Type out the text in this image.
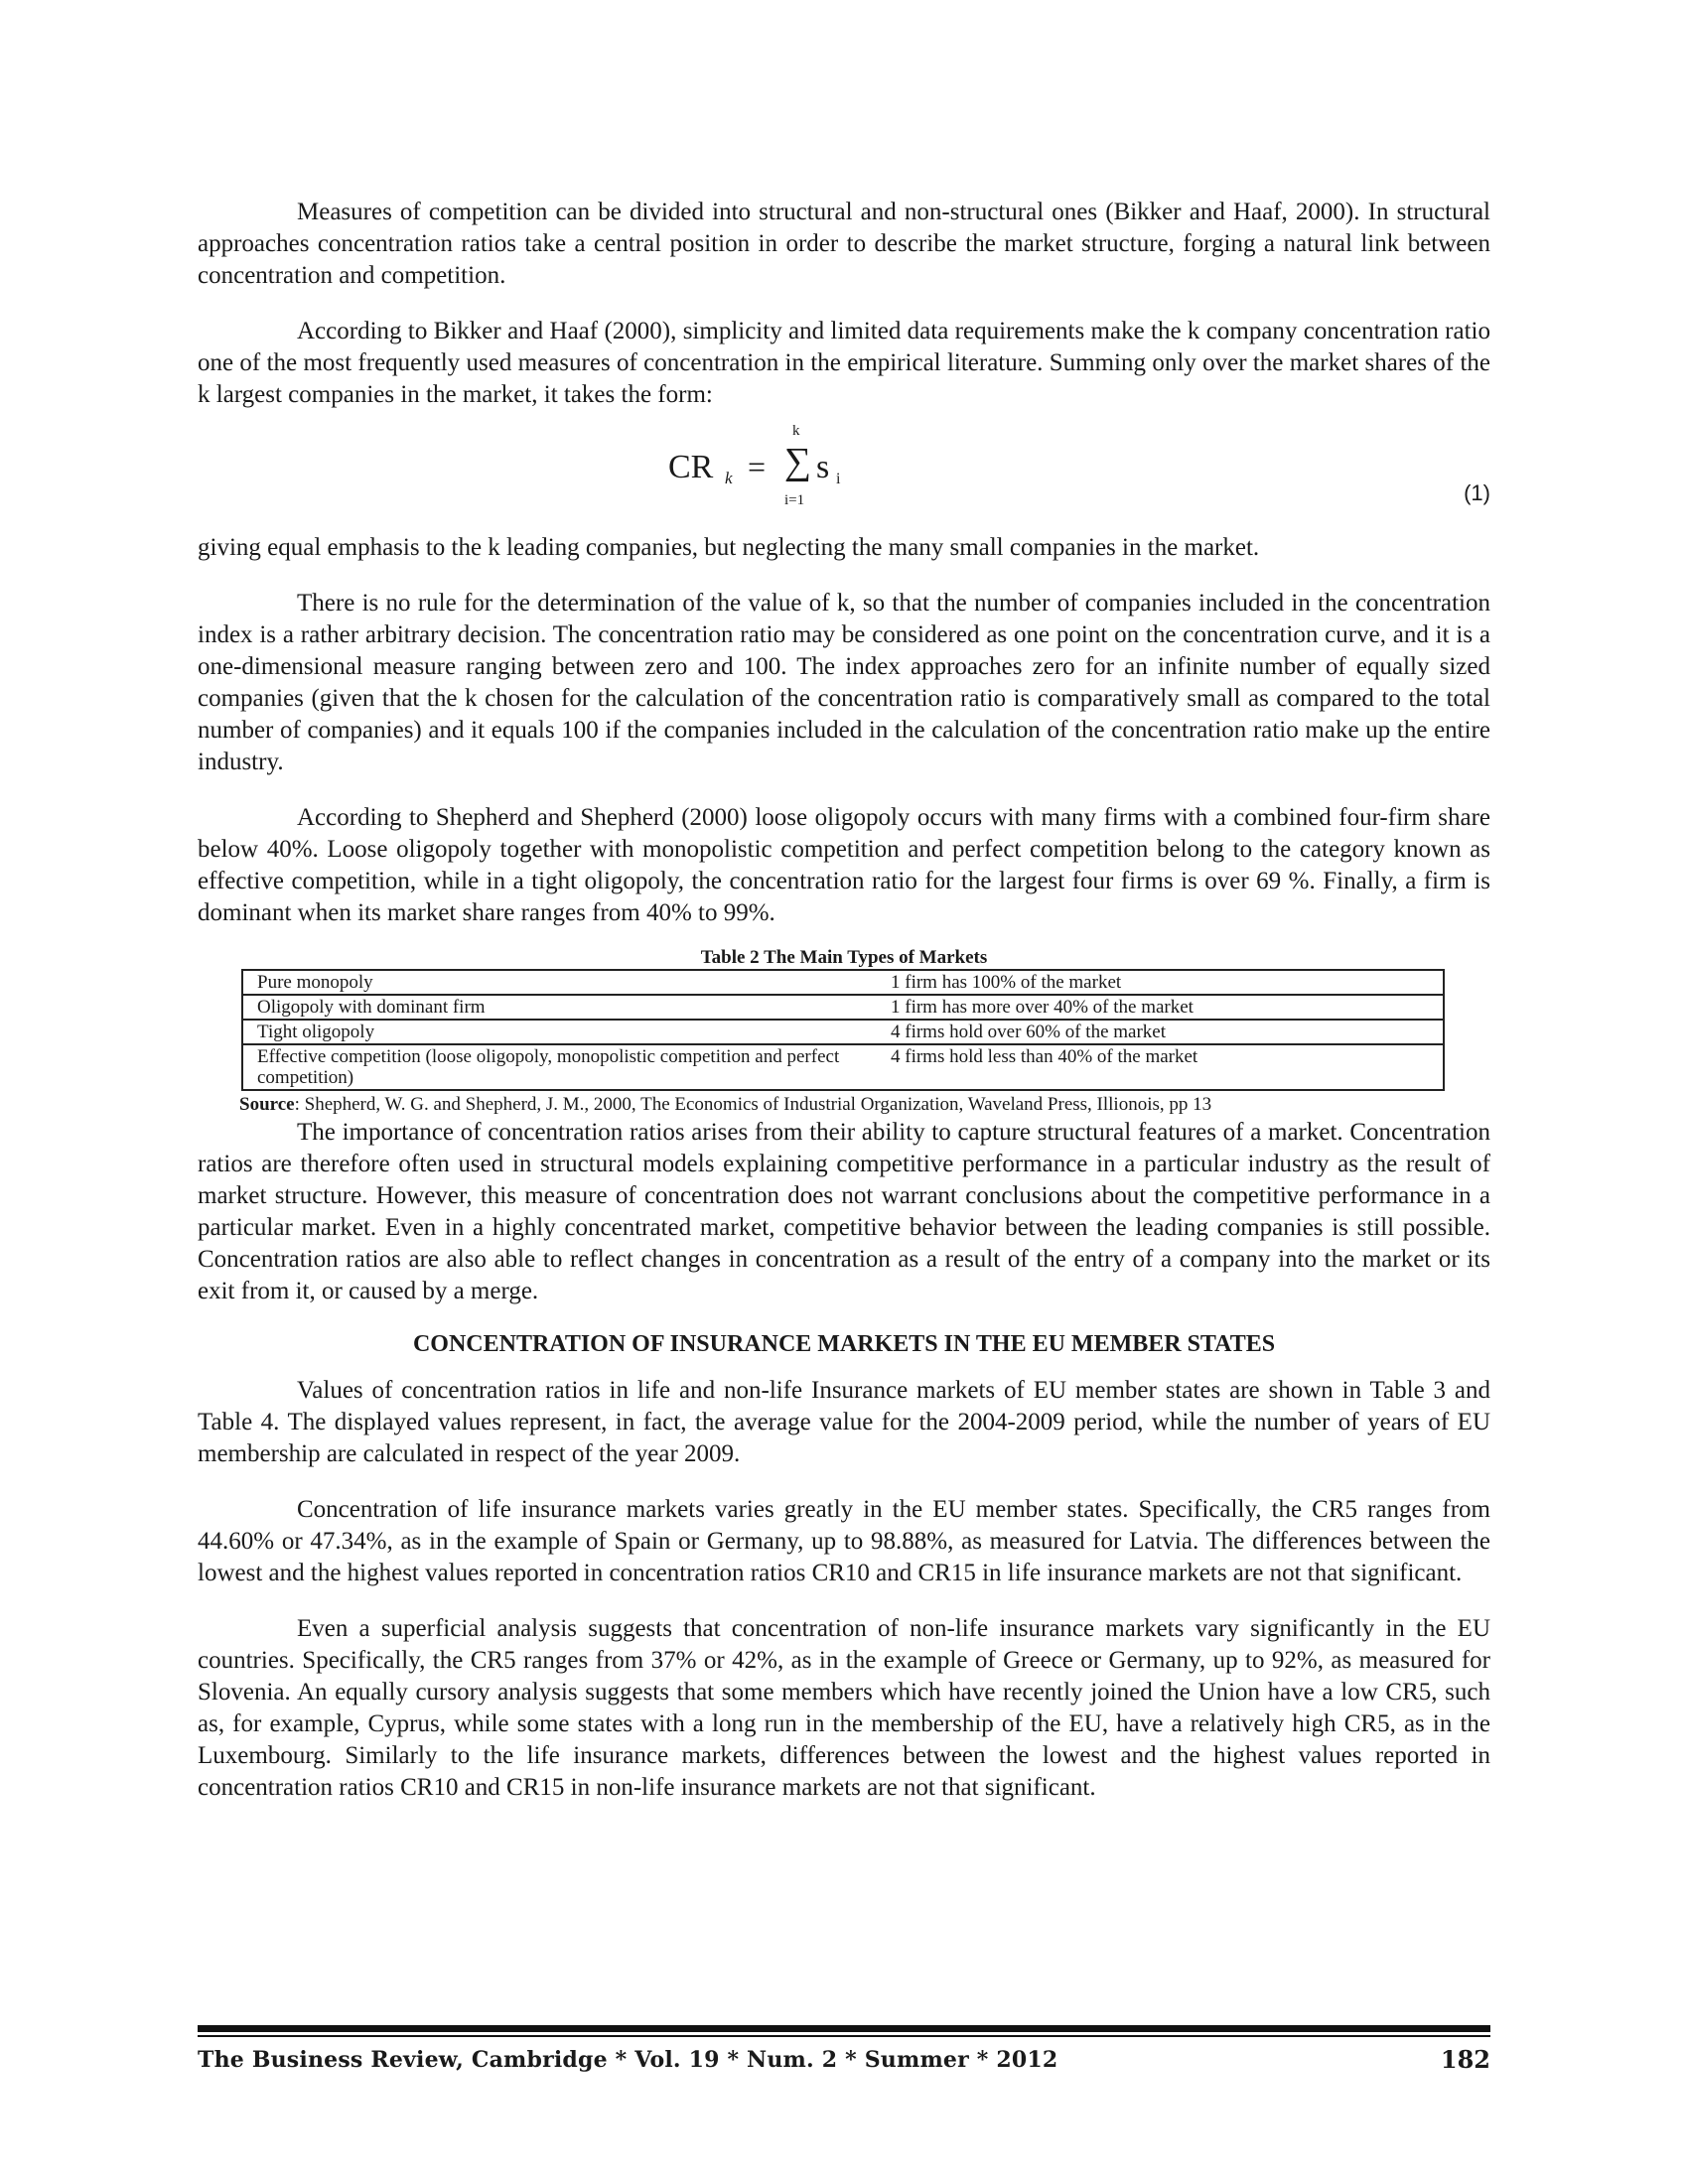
Measures of competition can be divided into structural and non-structural ones (Bikker and Haaf, 2000). In structural approaches concentration ratios take a central position in order to describe the market structure, forging a natural link between concentration and competition.

According to Bikker and Haaf (2000), simplicity and limited data requirements make the k company concentration ratio one of the most frequently used measures of concentration in the empirical literature. Summing only over the market shares of the k largest companies in the market, it takes the form:

CR k =
k
∑ s i
i=1	(1)

giving equal emphasis to the k leading companies, but neglecting the many small companies in the market.

There is no rule for the determination of the value of k, so that the number of companies included in the concentration index is a rather arbitrary decision. The concentration ratio may be considered as one point on the concentration curve, and it is a one-dimensional measure ranging between zero and 100. The index approaches zero for an infinite number of equally sized companies (given that the k chosen for the calculation of the concentration ratio is comparatively small as compared to the total number of companies) and it equals 100 if the companies included in the calculation of the concentration ratio make up the entire industry.

According to Shepherd and Shepherd (2000) loose oligopoly occurs with many firms with a combined four-firm share below 40%. Loose oligopoly together with monopolistic competition and perfect competition belong to the category known as effective competition, while in a tight oligopoly, the concentration ratio for the largest four firms is over 69 %. Finally, a firm is dominant when its market share ranges from 40% to 99%.

Table 2 The Main Types of Markets
Pure monopoly	1 firm has 100% of the market
Oligopoly with dominant firm	1 firm has more over 40% of the market
Tight oligopoly	4 firms hold over 60% of the market
Effective competition (loose oligopoly, monopolistic competition and perfect competition)	4 firms hold less than 40% of the market
Source: Shepherd, W. G. and Shepherd, J. M., 2000, The Economics of Industrial Organization, Waveland Press, Illionois, pp 13

The importance of concentration ratios arises from their ability to capture structural features of a market. Concentration ratios are therefore often used in structural models explaining competitive performance in a particular industry as the result of market structure. However, this measure of concentration does not warrant conclusions about the competitive performance in a particular market. Even in a highly concentrated market, competitive behavior between the leading companies is still possible. Concentration ratios are also able to reflect changes in concentration as a result of the entry of a company into the market or its exit from it, or caused by a merge.

CONCENTRATION OF INSURANCE MARKETS IN THE EU MEMBER STATES

Values of concentration ratios in life and non-life Insurance markets of EU member states are shown in Table 3 and Table 4. The displayed values represent, in fact, the average value for the 2004-2009 period, while the number of years of EU membership are calculated in respect of the year 2009.

Concentration of life insurance markets varies greatly in the EU member states. Specifically, the CR5 ranges from 44.60% or 47.34%, as in the example of Spain or Germany, up to 98.88%, as measured for Latvia. The differences between the lowest and the highest values reported in concentration ratios CR10 and CR15 in life insurance markets are not that significant.

Even a superficial analysis suggests that concentration of non-life insurance markets vary significantly in the EU countries. Specifically, the CR5 ranges from 37% or 42%, as in the example of Greece or Germany, up to 92%, as measured for Slovenia. An equally cursory analysis suggests that some members which have recently joined the Union have a low CR5, such as, for example, Cyprus, while some states with a long run in the membership of the EU, have a relatively high CR5, as in the Luxembourg. Similarly to the life insurance markets, differences between the lowest and the highest values reported in concentration ratios CR10 and CR15 in non-life insurance markets are not that significant.

The Business Review, Cambridge * Vol. 19 * Num. 2 * Summer * 2012	182
